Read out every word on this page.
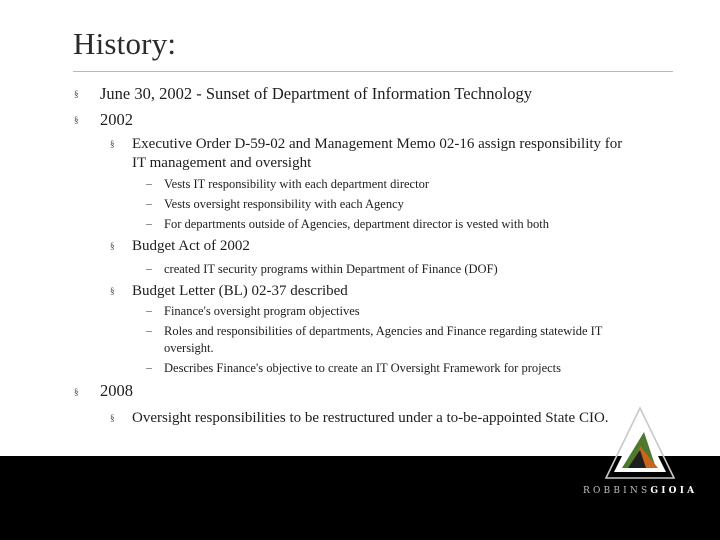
History:
§ June 30, 2002 - Sunset of Department of Information Technology

§ 2002

§ Executive Order D-59-02 and Management Memo 02-16 assign responsibility for

IT management and oversight

– Vests IT responsibility with each department director

– Vests oversight responsibility with each Agency

– For departments outside of Agencies, department director is vested with both

§ Budget Act of 2002

– created IT security programs within Department of Finance (DOF)

§ Budget Letter (BL) 02-37 described

– Finance's oversight program objectives

– Roles and responsibilities of departments, Agencies and Finance regarding statewide IT

oversight.

– Describes Finance's objective to create an IT Oversight Framework for projects

§ 2008

§ Oversight responsibilities to be restructured under a to-be-appointed State CIO.

ROBBINSGIOIA
